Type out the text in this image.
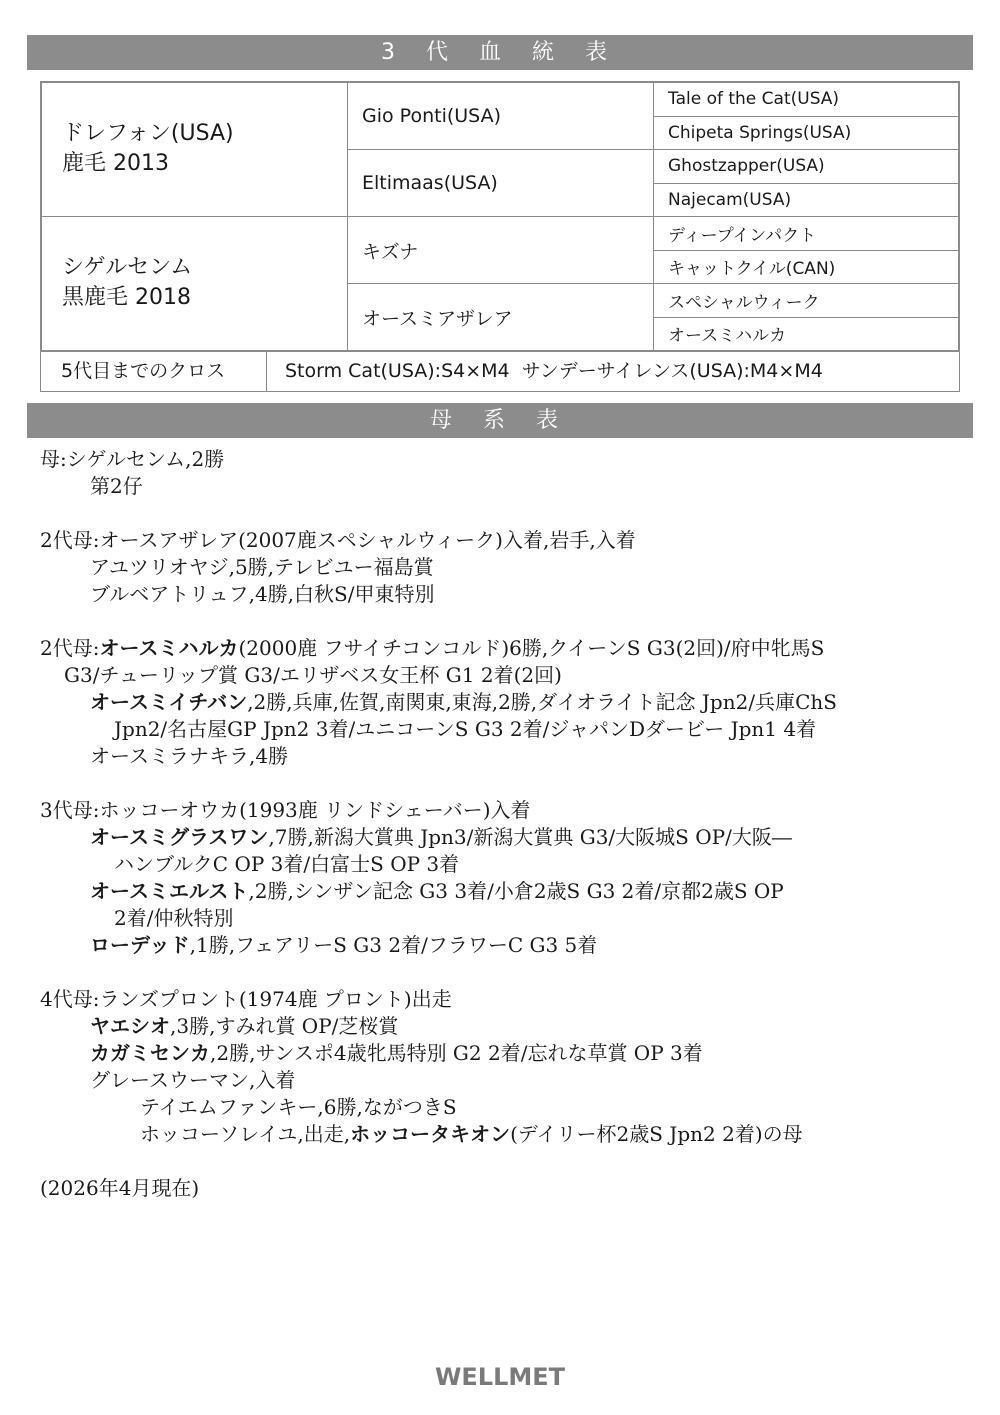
3 代 血 統 表
ドレフォン(USA)
鹿毛 2013	Gio Ponti(USA)	Tale of the Cat(USA)
		Chipeta Springs(USA)
	Eltimaas(USA)	Ghostzapper(USA)
		Najecam(USA)

シゲルセンム
黒鹿毛 2018	キズナ	ディープインパクト
		キャットクイル(CAN)
	オースミアザレア	スペシャルウィーク
		オースミハルカ
5代目までのクロス	Storm Cat(USA):S4×M4  サンデーサイレンス(USA):M4×M4
母 系 表
母:シゲルセンム,2勝
第2仔
2代母:オースアザレア(2007鹿スペシャルウィーク)入着,岩手,入着
アユツリオヤジ,5勝,テレビユー福島賞
ブルベアトリュフ,4勝,白秋S/甲東特別
2代母:オースミハルカ(2000鹿 フサイチコンコルド)6勝,クイーンS G3(2回)/府中牝馬S
G3/チューリップ賞 G3/エリザベス女王杯 G1 2着(2回)
オースミイチバン,2勝,兵庫,佐賀,南関東,東海,2勝,ダイオライト記念 Jpn2/兵庫ChS
Jpn2/名古屋GP Jpn2 3着/ユニコーンS G3 2着/ジャパンDダービー Jpn1 4着
オースミラナキラ,4勝
3代母:ホッコーオウカ(1993鹿 リンドシェーバー)入着
オースミグラスワン,7勝,新潟大賞典 Jpn3/新潟大賞典 G3/大阪城S OP/大阪―
ハンブルクC OP 3着/白富士S OP 3着
オースミエルスト,2勝,シンザン記念 G3 3着/小倉2歳S G3 2着/京都2歳S OP
2着/仲秋特別
ローデッド,1勝,フェアリーS G3 2着/フラワーC G3 5着
4代母:ランズプロント(1974鹿 プロント)出走
ヤエシオ,3勝,すみれ賞 OP/芝桜賞
カガミセンカ,2勝,サンスポ4歳牝馬特別 G2 2着/忘れな草賞 OP 3着
グレースウーマン,入着
テイエムファンキー,6勝,ながつきS
ホッコーソレイユ,出走,ホッコータキオン(デイリー杯2歳S Jpn2 2着)の母
(2026年4月現在)
WELLMET
